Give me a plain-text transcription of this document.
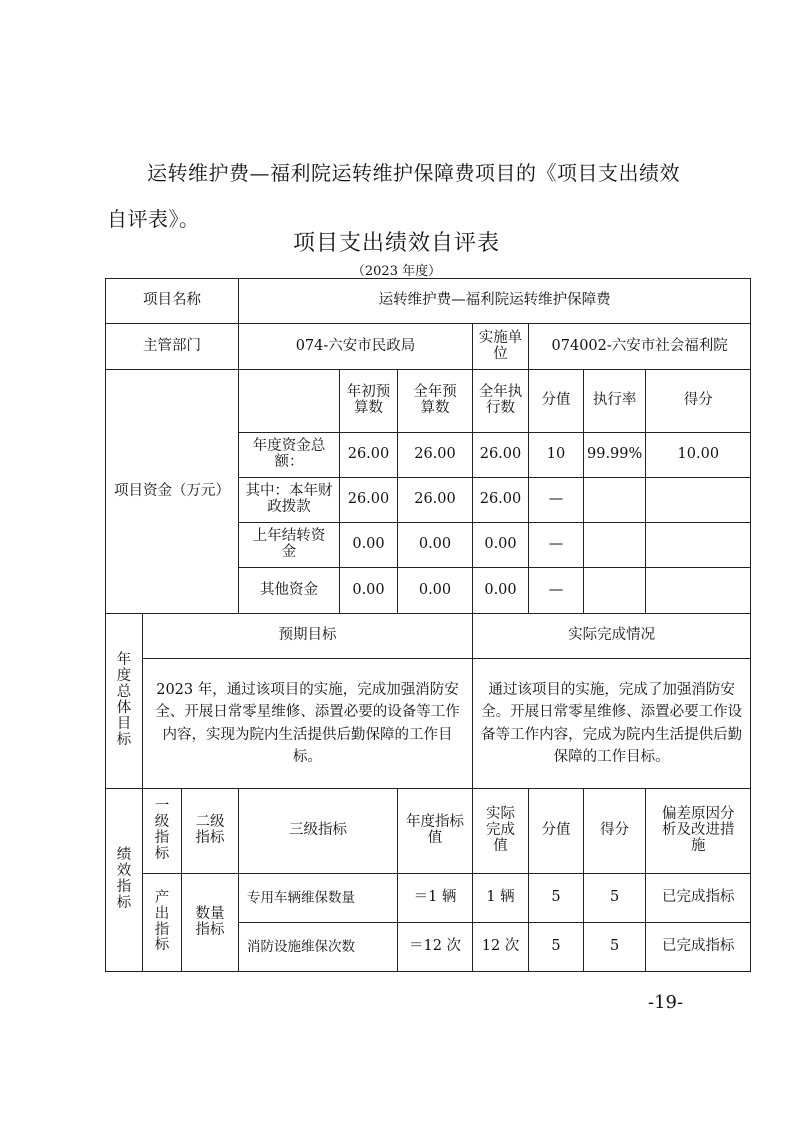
运转维护费—福利院运转维护保障费项目的《项目支出绩效
自评表》。
项目支出绩效自评表
（2023 年度）
项目名称			运转维护费—福利院运转维护保障费						
主管部门			074-六安市民政局			实施单位	074002-六安市社会福利院		
项目资金（万元）				年初预算数	全年预算数	全年执行数	分值	执行率	得分
			年度资金总额：	26.00	26.00	26.00	10	99.99%	10.00
			其中：本年财政拨款	26.00	26.00	26.00	—		
			上年结转资金	0.00	0.00	0.00	—		
			其他资金	0.00	0.00	0.00	—		
年度总体目标	预期目标					实际完成情况			
	2023 年，通过该项目的实施，完成加强消防安全、开展日常零星维修、添置必要的设备等工作内容，实现为院内生活提供后勤保障的工作目标。					通过该项目的实施，完成了加强消防安全。开展日常零星维修、添置必要工作设备等工作内容，完成为院内生活提供后勤保障的工作目标。			
绩效指标	一级指标	二级指标	三级指标		年度指标值	实际完成值	分值	得分	偏差原因分析及改进措施
	产出指标	数量指标	专用车辆维保数量		＝1 辆	1 辆	5	5	已完成指标
			消防设施维保次数		＝12 次	12 次	5	5	已完成指标
-19-
